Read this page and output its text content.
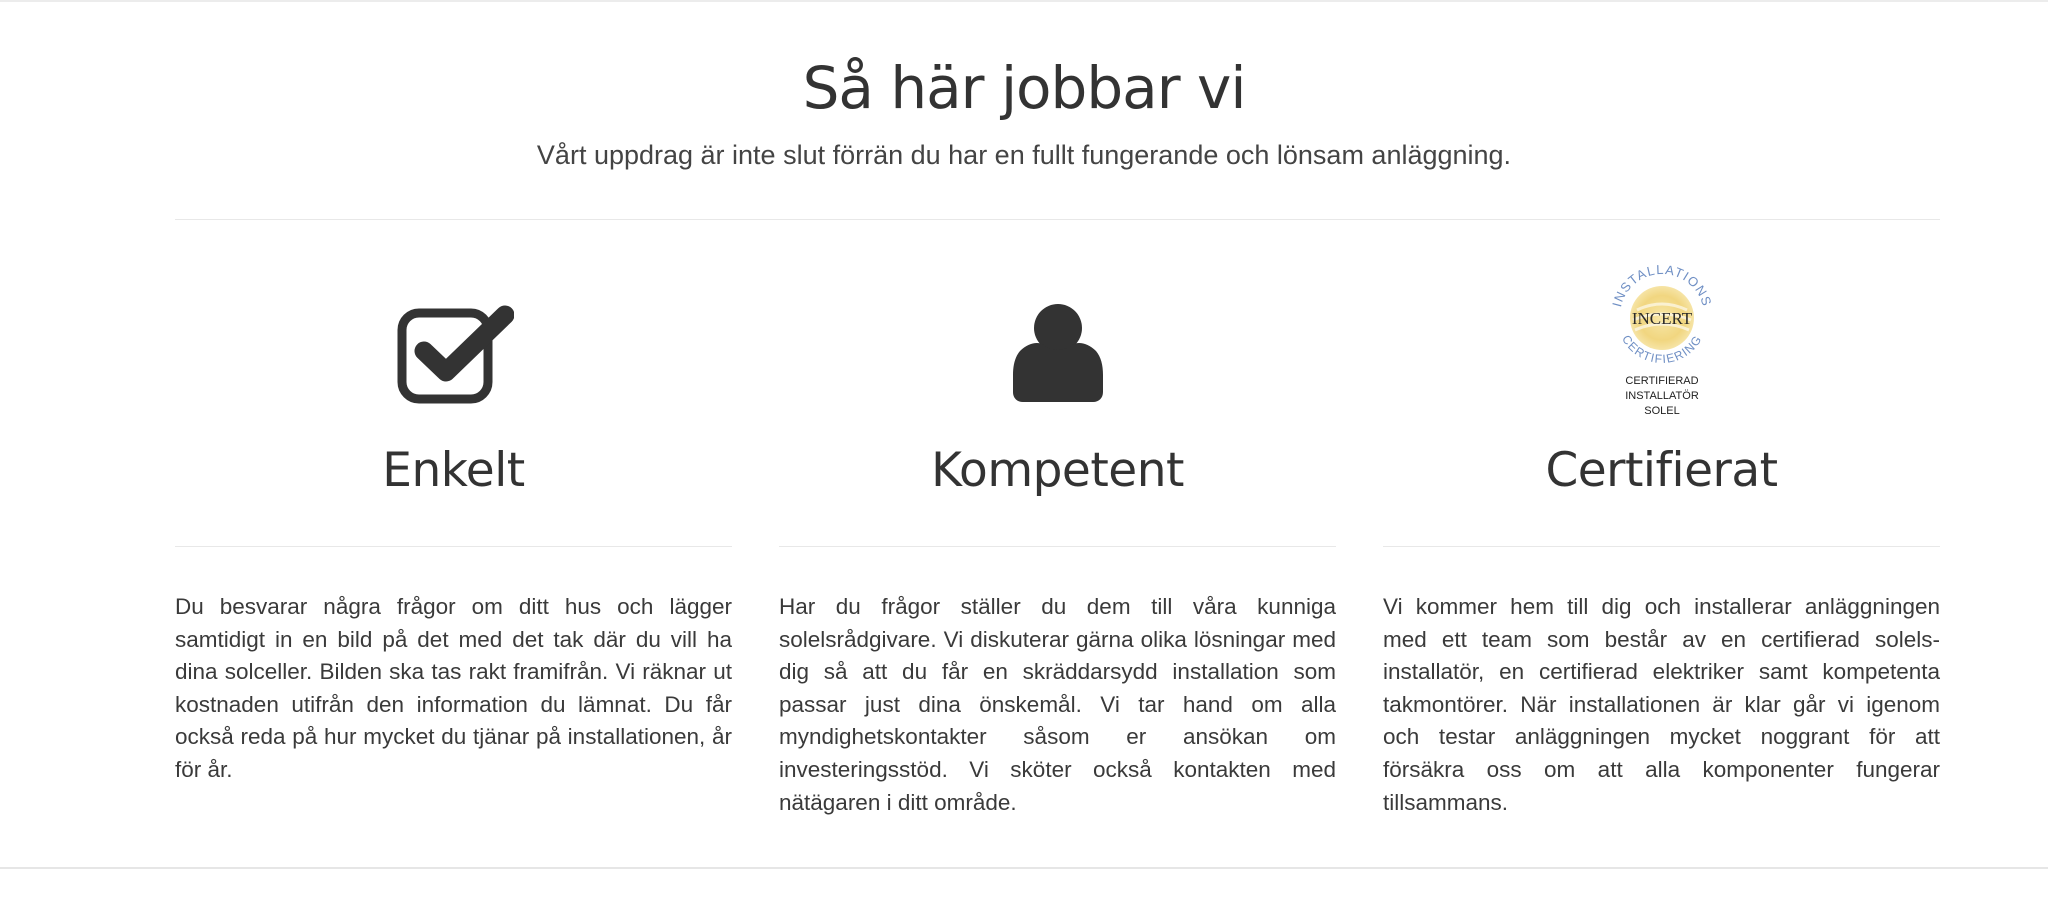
Så här jobbar vi

Vårt uppdrag är inte slut förrän du har en fullt fungerande och lönsam anläggning.

Enkelt

Du besvarar några frågor om ditt hus och lägger samtidigt in en bild på det med det tak där du vill ha dina solceller. Bilden ska tas rakt framifrån. Vi räknar ut kostnaden utifrån den information du lämnat. Du får också reda på hur mycket du tjänar på installationen, år för år.

Kompetent

Har du frågor ställer du dem till våra kunniga solelsrådgivare. Vi diskuterar gärna olika lösningar med dig så att du får en skräddarsydd installation som passar just dina önskemål. Vi tar hand om alla myndighetskontakter såsom er ansökan om investeringsstöd. Vi sköter också kontakten med nätägaren i ditt område.

INSTALLATIONS
CERTIFIERING
INCERT
CERTIFIERAD
INSTALLATÖR
SOLEL
Certifierat

Vi kommer hem till dig och installerar anläggningen med ett team som består av en certifierad solels-installatör, en certifierad elektriker samt kompetenta takmontörer. När installationen är klar går vi igenom och testar anläggningen mycket noggrant för att försäkra oss om att alla komponenter fungerar tillsammans.
